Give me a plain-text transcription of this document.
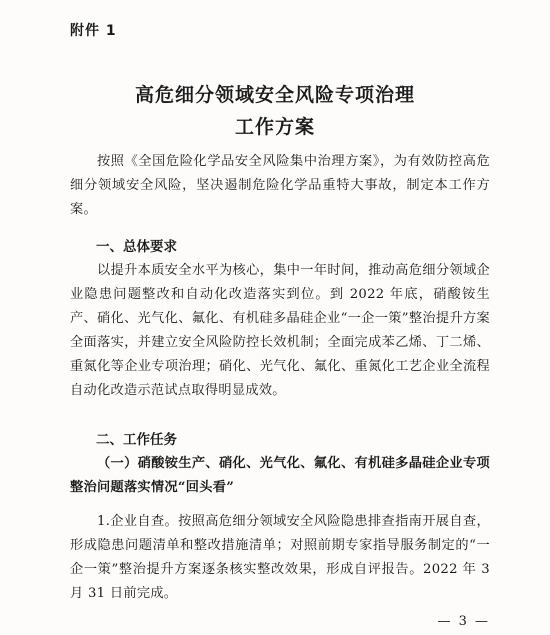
附件 1
高危细分领域安全风险专项治理
工作方案
按照《全国危险化学品安全风险集中治理方案》，为有效防控高危细分领域安全风险，坚决遏制危险化学品重特大事故，制定本工作方案。
一、总体要求
以提升本质安全水平为核心，集中一年时间，推动高危细分领域企业隐患问题整改和自动化改造落实到位。到 2022 年底，硝酸铵生产、硝化、光气化、氟化、有机硅多晶硅企业“一企一策”整治提升方案全面落实，并建立安全风险防控长效机制；全面完成苯乙烯、丁二烯、重氮化等企业专项治理；硝化、光气化、氟化、重氮化工艺企业全流程自动化改造示范试点取得明显成效。
二、工作任务
（一）硝酸铵生产、硝化、光气化、氟化、有机硅多晶硅企业专项整治问题落实情况“回头看”
1.企业自查。按照高危细分领域安全风险隐患排查指南开展自查，形成隐患问题清单和整改措施清单；对照前期专家指导服务制定的“一企一策”整治提升方案逐条核实整改效果，形成自评报告。2022 年 3 月 31 日前完成。
— 3 —
